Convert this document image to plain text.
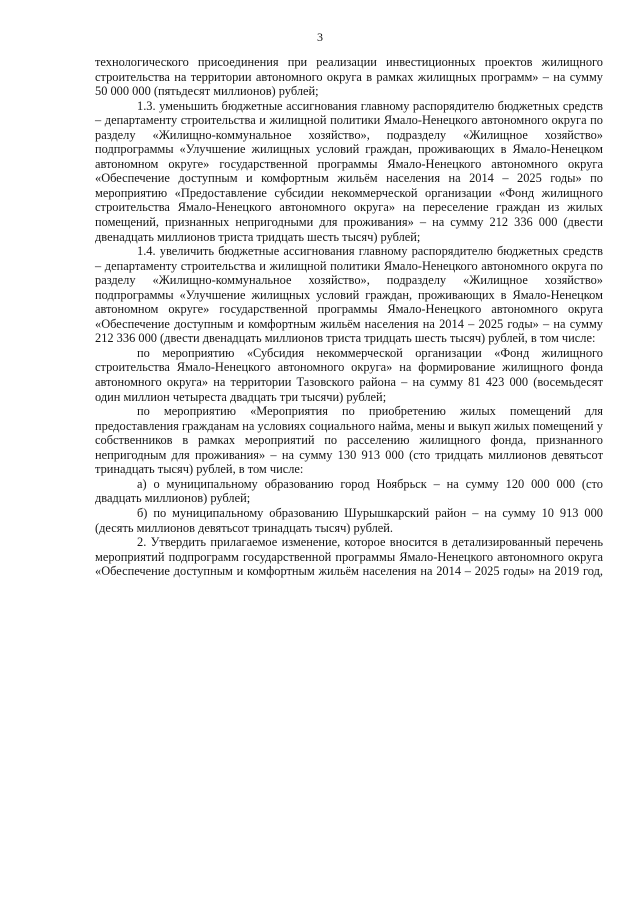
3

технологического присоединения при реализации инвестиционных проектов жилищного строительства на территории автономного округа в рамках жилищных программ» – на сумму 50 000 000 (пятьдесят миллионов) рублей;

1.3. уменьшить бюджетные ассигнования главному распорядителю бюджетных средств – департаменту строительства и жилищной политики Ямало-Ненецкого автономного округа по разделу «Жилищно-коммунальное хозяйство», подразделу «Жилищное хозяйство» подпрограммы «Улучшение жилищных условий граждан, проживающих в Ямало-Ненецком автономном округе» государственной программы Ямало-Ненецкого автономного округа «Обеспечение доступным и комфортным жильём населения на 2014 – 2025 годы» по мероприятию «Предоставление субсидии некоммерческой организации «Фонд жилищного строительства Ямало-Ненецкого автономного округа» на переселение граждан из жилых помещений, признанных непригодными для проживания» – на сумму 212 336 000 (двести двенадцать миллионов триста тридцать шесть тысяч) рублей;

1.4. увеличить бюджетные ассигнования главному распорядителю бюджетных средств – департаменту строительства и жилищной политики Ямало-Ненецкого автономного округа по разделу «Жилищно-коммунальное хозяйство», подразделу «Жилищное хозяйство» подпрограммы «Улучшение жилищных условий граждан, проживающих в Ямало-Ненецком автономном округе» государственной программы Ямало-Ненецкого автономного округа «Обеспечение доступным и комфортным жильём населения на 2014 – 2025 годы» – на сумму 212 336 000 (двести двенадцать миллионов триста тридцать шесть тысяч) рублей, в том числе:

по мероприятию «Субсидия некоммерческой организации «Фонд жилищного строительства Ямало-Ненецкого автономного округа» на формирование жилищного фонда автономного округа» на территории Тазовского района – на сумму 81 423 000 (восемьдесят один миллион четыреста двадцать три тысячи) рублей;

по мероприятию «Мероприятия по приобретению жилых помещений для предоставления гражданам на условиях социального найма, мены и выкуп жилых помещений у собственников в рамках мероприятий по расселению жилищного фонда, признанного непригодным для проживания» – на сумму 130 913 000 (сто тридцать миллионов девятьсот тринадцать тысяч) рублей, в том числе:

а) о муниципальному образованию город Ноябрьск – на сумму 120 000 000 (сто двадцать миллионов) рублей;

б) по муниципальному образованию Шурышкарский район – на сумму 10 913 000 (десять миллионов девятьсот тринадцать тысяч) рублей.

2. Утвердить прилагаемое изменение, которое вносится в детализированный перечень мероприятий подпрограмм государственной программы Ямало-Ненецкого автономного округа «Обеспечение доступным и комфортным жильём населения на 2014 – 2025 годы» на 2019 год,
